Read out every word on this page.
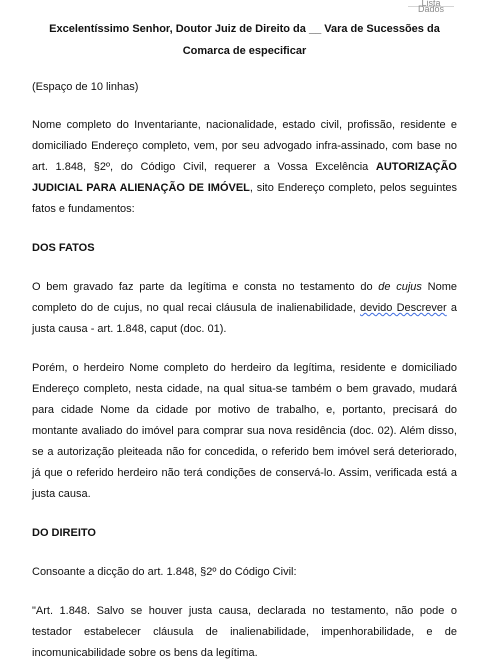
Lista Dados

Excelentíssimo Senhor, Doutor Juiz de Direito da __ Vara de Sucessões da Comarca de especificar

(Espaço de 10 linhas)

Nome completo do Inventariante, nacionalidade, estado civil, profissão, residente e domiciliado Endereço completo, vem, por seu advogado infra-assinado, com base no art. 1.848, §2º, do Código Civil, requerer a Vossa Excelência AUTORIZAÇÃO JUDICIAL PARA ALIENAÇÃO DE IMÓVEL, sito Endereço completo, pelos seguintes fatos e fundamentos:

DOS FATOS

O bem gravado faz parte da legítima e consta no testamento do de cujus Nome completo do de cujus, no qual recai cláusula de inalienabilidade, devido Descrever a justa causa - art. 1.848, caput (doc. 01).

Porém, o herdeiro Nome completo do herdeiro da legítima, residente e domiciliado Endereço completo, nesta cidade, na qual situa-se também o bem gravado, mudará para cidade Nome da cidade por motivo de trabalho, e, portanto, precisará do montante avaliado do imóvel para comprar sua nova residência (doc. 02). Além disso, se a autorização pleiteada não for concedida, o referido bem imóvel será deteriorado, já que o referido herdeiro não terá condições de conservá-lo. Assim, verificada está a justa causa.

DO DIREITO

Consoante a dicção do art. 1.848, §2º do Código Civil:

"Art. 1.848. Salvo se houver justa causa, declarada no testamento, não pode o testador estabelecer cláusula de inalienabilidade, impenhorabilidade, e de incomunicabilidade sobre os bens da legítima.
